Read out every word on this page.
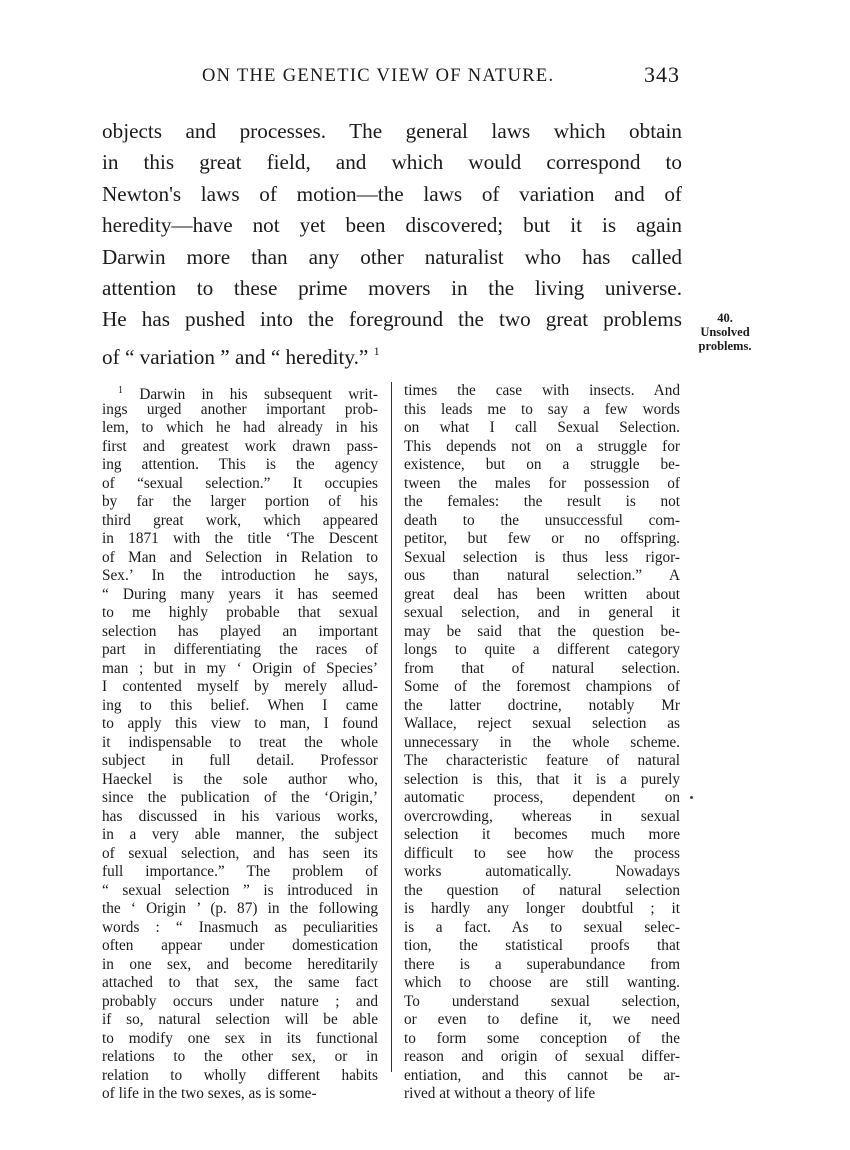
ON THE GENETIC VIEW OF NATURE.	343
objects and processes. The general laws which obtain
in this great field, and which would correspond to
Newton's laws of motion—the laws of variation and of
heredity—have not yet been discovered; but it is again
Darwin more than any other naturalist who has called
attention to these prime movers in the living universe.
He has pushed into the foreground the two great problems
of “ variation ” and “ heredity.” $^1$
40.
Unsolved
problems.
$^1$ Darwin in his subsequent writ-
ings urged another important prob-
lem, to which he had already in his
first and greatest work drawn pass-
ing attention. This is the agency
of “sexual selection.” It occupies
by far the larger portion of his
third great work, which appeared
in 1871 with the title ‘The Descent
of Man and Selection in Relation to
Sex.’ In the introduction he says,
“ During many years it has seemed
to me highly probable that sexual
selection has played an important
part in differentiating the races of
man ; but in my ‘ Origin of Species’
I contented myself by merely allud-
ing to this belief. When I came
to apply this view to man, I found
it indispensable to treat the whole
subject in full detail. Professor
Haeckel is the sole author who,
since the publication of the ‘Origin,’
has discussed in his various works,
in a very able manner, the subject
of sexual selection, and has seen its
full importance.” The problem of
“ sexual selection ” is introduced in
the ‘ Origin ’ (p. 87) in the following
words : “ Inasmuch as peculiarities
often appear under domestication
in one sex, and become hereditarily
attached to that sex, the same fact
probably occurs under nature ; and
if so, natural selection will be able
to modify one sex in its functional
relations to the other sex, or in
relation to wholly different habits
of life in the two sexes, as is some-
times the case with insects. And
this leads me to say a few words
on what I call Sexual Selection.
This depends not on a struggle for
existence, but on a struggle be-
tween the males for possession of
the females: the result is not
death to the unsuccessful com-
petitor, but few or no offspring.
Sexual selection is thus less rigor-
ous than natural selection.” A
great deal has been written about
sexual selection, and in general it
may be said that the question be-
longs to quite a different category
from that of natural selection.
Some of the foremost champions of
the latter doctrine, notably Mr
Wallace, reject sexual selection as
unnecessary in the whole scheme.
The characteristic feature of natural
selection is this, that it is a purely
automatic process, dependent on
overcrowding, whereas in sexual
selection it becomes much more
difficult to see how the process
works automatically. Nowadays
the question of natural selection
is hardly any longer doubtful ; it
is a fact. As to sexual selec-
tion, the statistical proofs that
there is a superabundance from
which to choose are still wanting.
To understand sexual selection,
or even to define it, we need
to form some conception of the
reason and origin of sexual differ-
entiation, and this cannot be ar-
rived at without a theory of life
